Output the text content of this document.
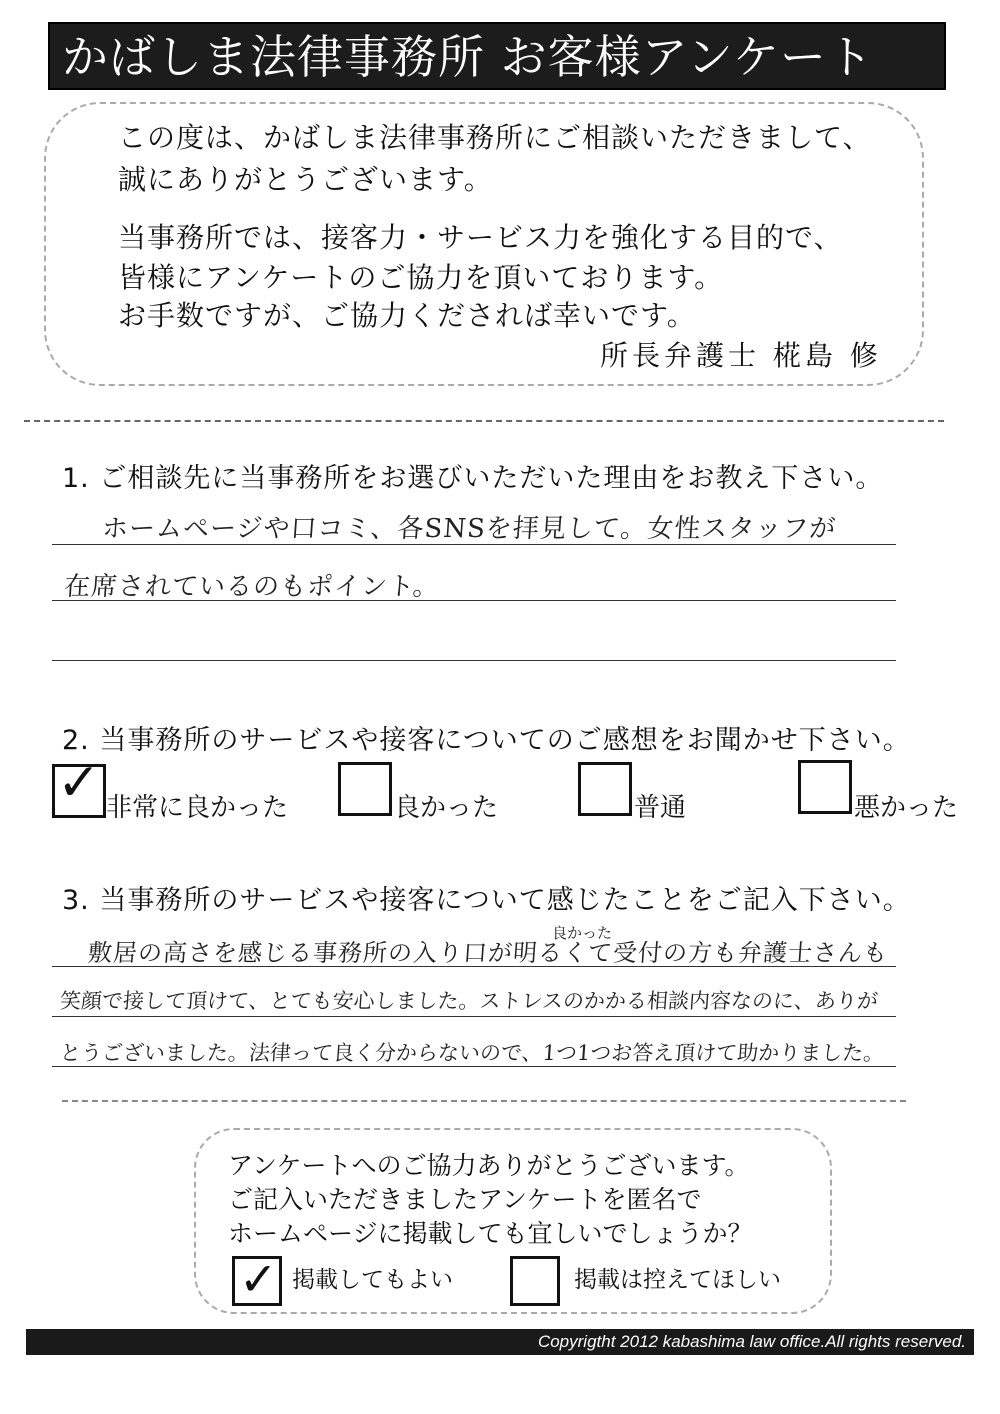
かばしま法律事務所 お客様アンケート
この度は、かばしま法律事務所にご相談いただきまして、
誠にありがとうございます。
当事務所では、接客力・サービス力を強化する目的で、
皆様にアンケートのご協力を頂いております。
お手数ですが、ご協力くだされば幸いです。
所長弁護士 椛島 修
1. ご相談先に当事務所をお選びいただいた理由をお教え下さい。
ホームページや口コミ、各SNSを拝見して。女性スタッフが
在席されているのもポイント。
2. 当事務所のサービスや接客についてのご感想をお聞かせ下さい。
✓ 非常に良かった	良かった	普通	悪かった
3. 当事務所のサービスや接客について感じたことをご記入下さい。
良かった
敷居の高さを感じる事務所の入り口が明るくて受付の方も弁護士さんも
笑顔で接して頂けて、とても安心しました。ストレスのかかる相談内容なのに、ありが
とうございました。法律って良く分からないので、1つ1つお答え頂けて助かりました。
アンケートへのご協力ありがとうございます。
ご記入いただきましたアンケートを匿名で
ホームページに掲載しても宜しいでしょうか？
✓ 掲載してもよい	掲載は控えてほしい
Copyrigtht 2012 kabashima law office.All rights reserved.
